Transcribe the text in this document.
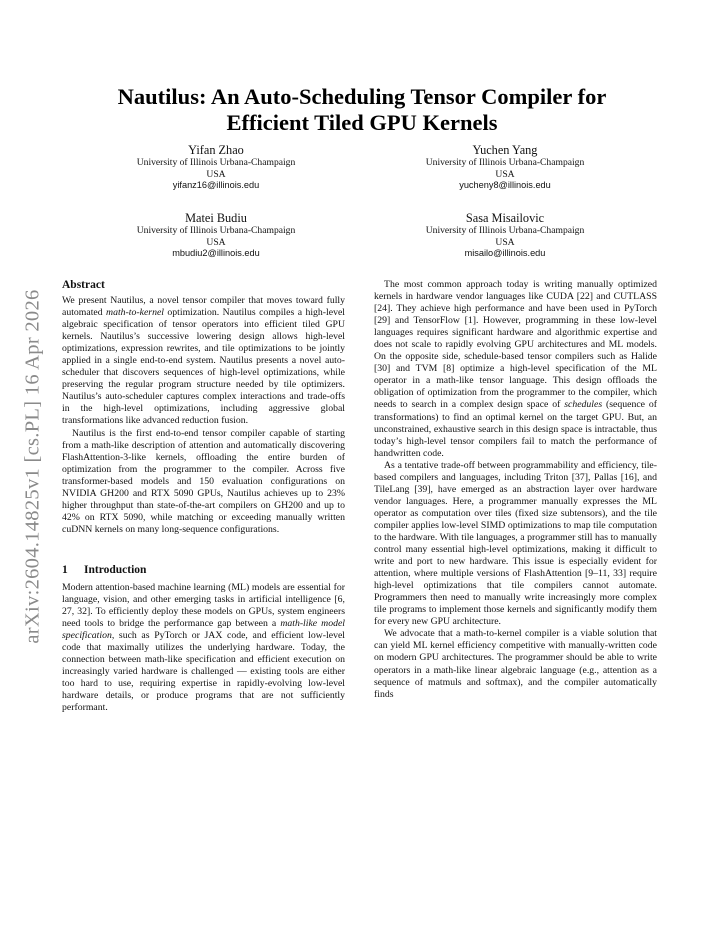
arXiv:2604.14825v1 [cs.PL] 16 Apr 2026
Nautilus: An Auto-Scheduling Tensor Compiler for
Efficient Tiled GPU Kernels
Yifan Zhao
University of Illinois Urbana-Champaign
USA
yifanz16@illinois.edu
Yuchen Yang
University of Illinois Urbana-Champaign
USA
yucheny8@illinois.edu
Matei Budiu
University of Illinois Urbana-Champaign
USA
mbudiu2@illinois.edu
Sasa Misailovic
University of Illinois Urbana-Champaign
USA
misailo@illinois.edu
Abstract

We present Nautilus, a novel tensor compiler that moves toward fully automated math-to-kernel optimization. Nautilus compiles a high-level algebraic specification of tensor operators into efficient tiled GPU kernels. Nautilus’s successive lowering design allows high-level optimizations, expression rewrites, and tile optimizations to be jointly applied in a single end-to-end system. Nautilus presents a novel auto-scheduler that discovers sequences of high-level optimizations, while preserving the regular program structure needed by tile optimizers. Nautilus’s auto-scheduler captures complex interactions and trade-offs in the high-level optimizations, including aggressive global transformations like advanced reduction fusion.

Nautilus is the first end-to-end tensor compiler capable of starting from a math-like description of attention and automatically discovering FlashAttention-3-like kernels, offloading the entire burden of optimization from the programmer to the compiler. Across five transformer-based models and 150 evaluation configurations on NVIDIA GH200 and RTX 5090 GPUs, Nautilus achieves up to 23% higher throughput than state-of-the-art compilers on GH200 and up to 42% on RTX 5090, while matching or exceeding manually written cuDNN kernels on many long-sequence configurations.

1 Introduction

Modern attention-based machine learning (ML) models are essential for language, vision, and other emerging tasks in artificial intelligence [6, 27, 32]. To efficiently deploy these models on GPUs, system engineers need tools to bridge the performance gap between a math-like model specification, such as PyTorch or JAX code, and efficient low-level code that maximally utilizes the underlying hardware. Today, the connection between math-like specification and efficient execution on increasingly varied hardware is challenged — existing tools are either too hard to use, requiring expertise in rapidly-evolving low-level hardware details, or produce programs that are not sufficiently performant.

The most common approach today is writing manually optimized kernels in hardware vendor languages like CUDA [22] and CUTLASS [24]. They achieve high performance and have been used in PyTorch [29] and TensorFlow [1]. However, programming in these low-level languages requires significant hardware and algorithmic expertise and does not scale to rapidly evolving GPU architectures and ML models. On the opposite side, schedule-based tensor compilers such as Halide [30] and TVM [8] optimize a high-level specification of the ML operator in a math-like tensor language. This design offloads the obligation of optimization from the programmer to the compiler, which needs to search in a complex design space of schedules (sequence of transformations) to find an optimal kernel on the target GPU. But, an unconstrained, exhaustive search in this design space is intractable, thus today’s high-level tensor compilers fail to match the performance of handwritten code.

As a tentative trade-off between programmability and efficiency, tile-based compilers and languages, including Triton [37], Pallas [16], and TileLang [39], have emerged as an abstraction layer over hardware vendor languages. Here, a programmer manually expresses the ML operator as computation over tiles (fixed size subtensors), and the tile compiler applies low-level SIMD optimizations to map tile computation to the hardware. With tile languages, a programmer still has to manually control many essential high-level optimizations, making it difficult to write and port to new hardware. This issue is especially evident for attention, where multiple versions of FlashAttention [9–11, 33] require high-level optimizations that tile compilers cannot automate. Programmers then need to manually write increasingly more complex tile programs to implement those kernels and significantly modify them for every new GPU architecture.

We advocate that a math-to-kernel compiler is a viable solution that can yield ML kernel efficiency competitive with manually-written code on modern GPU architectures. The programmer should be able to write operators in a math-like linear algebraic language (e.g., attention as a sequence of matmuls and softmax), and the compiler automatically finds
